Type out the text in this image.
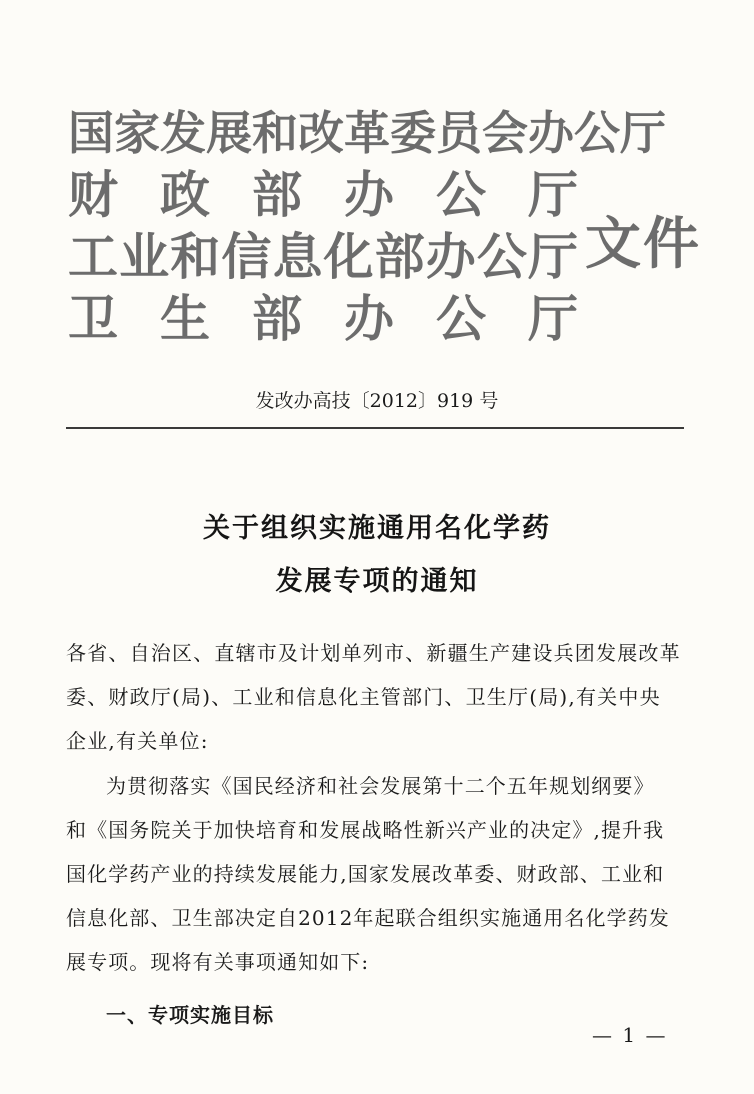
国 家 发 展 和 改 革 委 员 会 办 公 厅
财 政 部 办 公 厅
工 业 和 信 息 化 部 办 公 厅
卫 生 部 办 公 厅
文件
发改办高技〔2012〕919 号
关于组织实施通用名化学药
发展专项的通知
各省、自治区、直辖市及计划单列市、新疆生产建设兵团发展改革
委、财政厅(局)、工业和信息化主管部门、卫生厅(局),有关中央
企业,有关单位:
为贯彻落实《国民经济和社会发展第十二个五年规划纲要》
和《国务院关于加快培育和发展战略性新兴产业的决定》,提升我
国化学药产业的持续发展能力,国家发展改革委、财政部、工业和
信息化部、卫生部决定自2012年起联合组织实施通用名化学药发
展专项。现将有关事项通知如下:
一、专项实施目标
— 1 —
